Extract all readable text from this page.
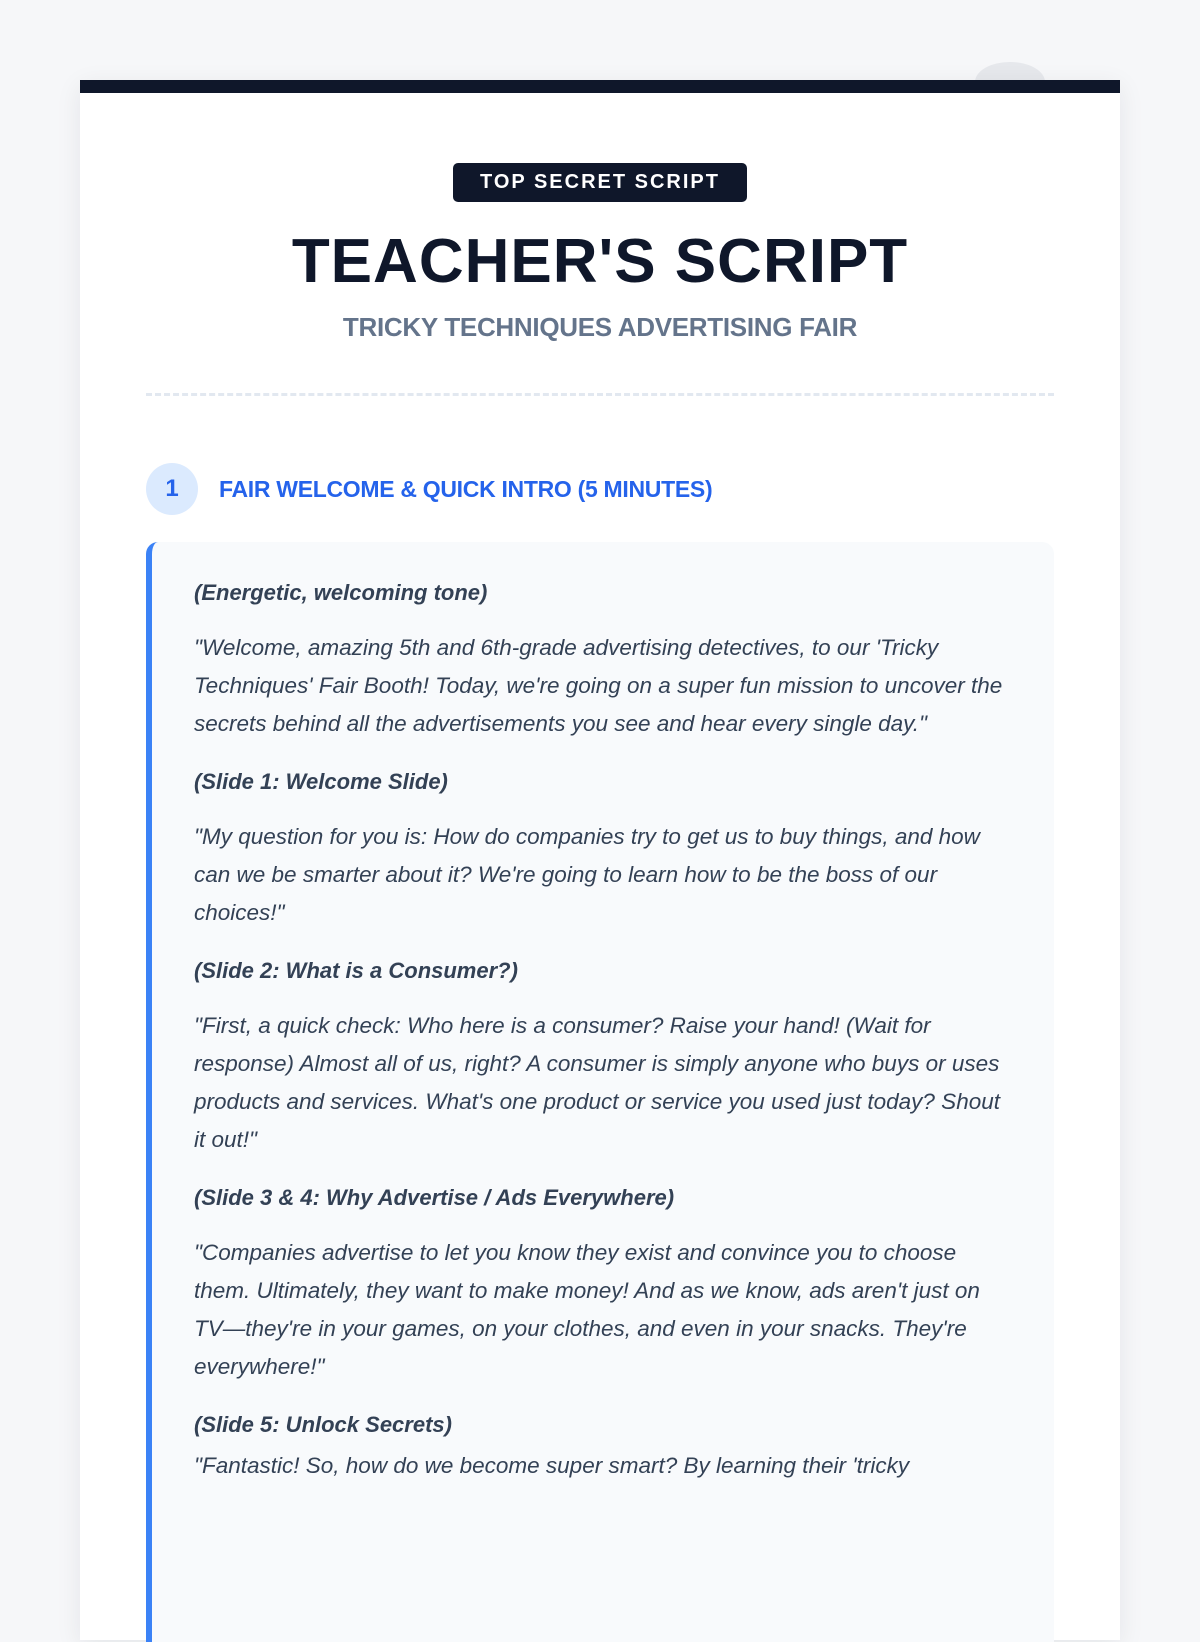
TOP SECRET SCRIPT
TEACHER'S SCRIPT
TRICKY TECHNIQUES ADVERTISING FAIR
1	FAIR WELCOME & QUICK INTRO (5 MINUTES)

(Energetic, welcoming tone)

"Welcome, amazing 5th and 6th-grade advertising detectives, to our 'Tricky Techniques' Fair Booth! Today, we're going on a super fun mission to uncover the secrets behind all the advertisements you see and hear every single day."

(Slide 1: Welcome Slide)

"My question for you is: How do companies try to get us to buy things, and how can we be smarter about it? We're going to learn how to be the boss of our choices!"

(Slide 2: What is a Consumer?)

"First, a quick check: Who here is a consumer? Raise your hand! (Wait for response) Almost all of us, right? A consumer is simply anyone who buys or uses products and services. What's one product or service you used just today? Shout it out!"

(Slide 3 & 4: Why Advertise / Ads Everywhere)

"Companies advertise to let you know they exist and convince you to choose them. Ultimately, they want to make money! And as we know, ads aren't just on TV—they're in your games, on your clothes, and even in your snacks. They're everywhere!"

(Slide 5: Unlock Secrets)

"Fantastic! So, how do we become super smart? By learning their 'tricky
